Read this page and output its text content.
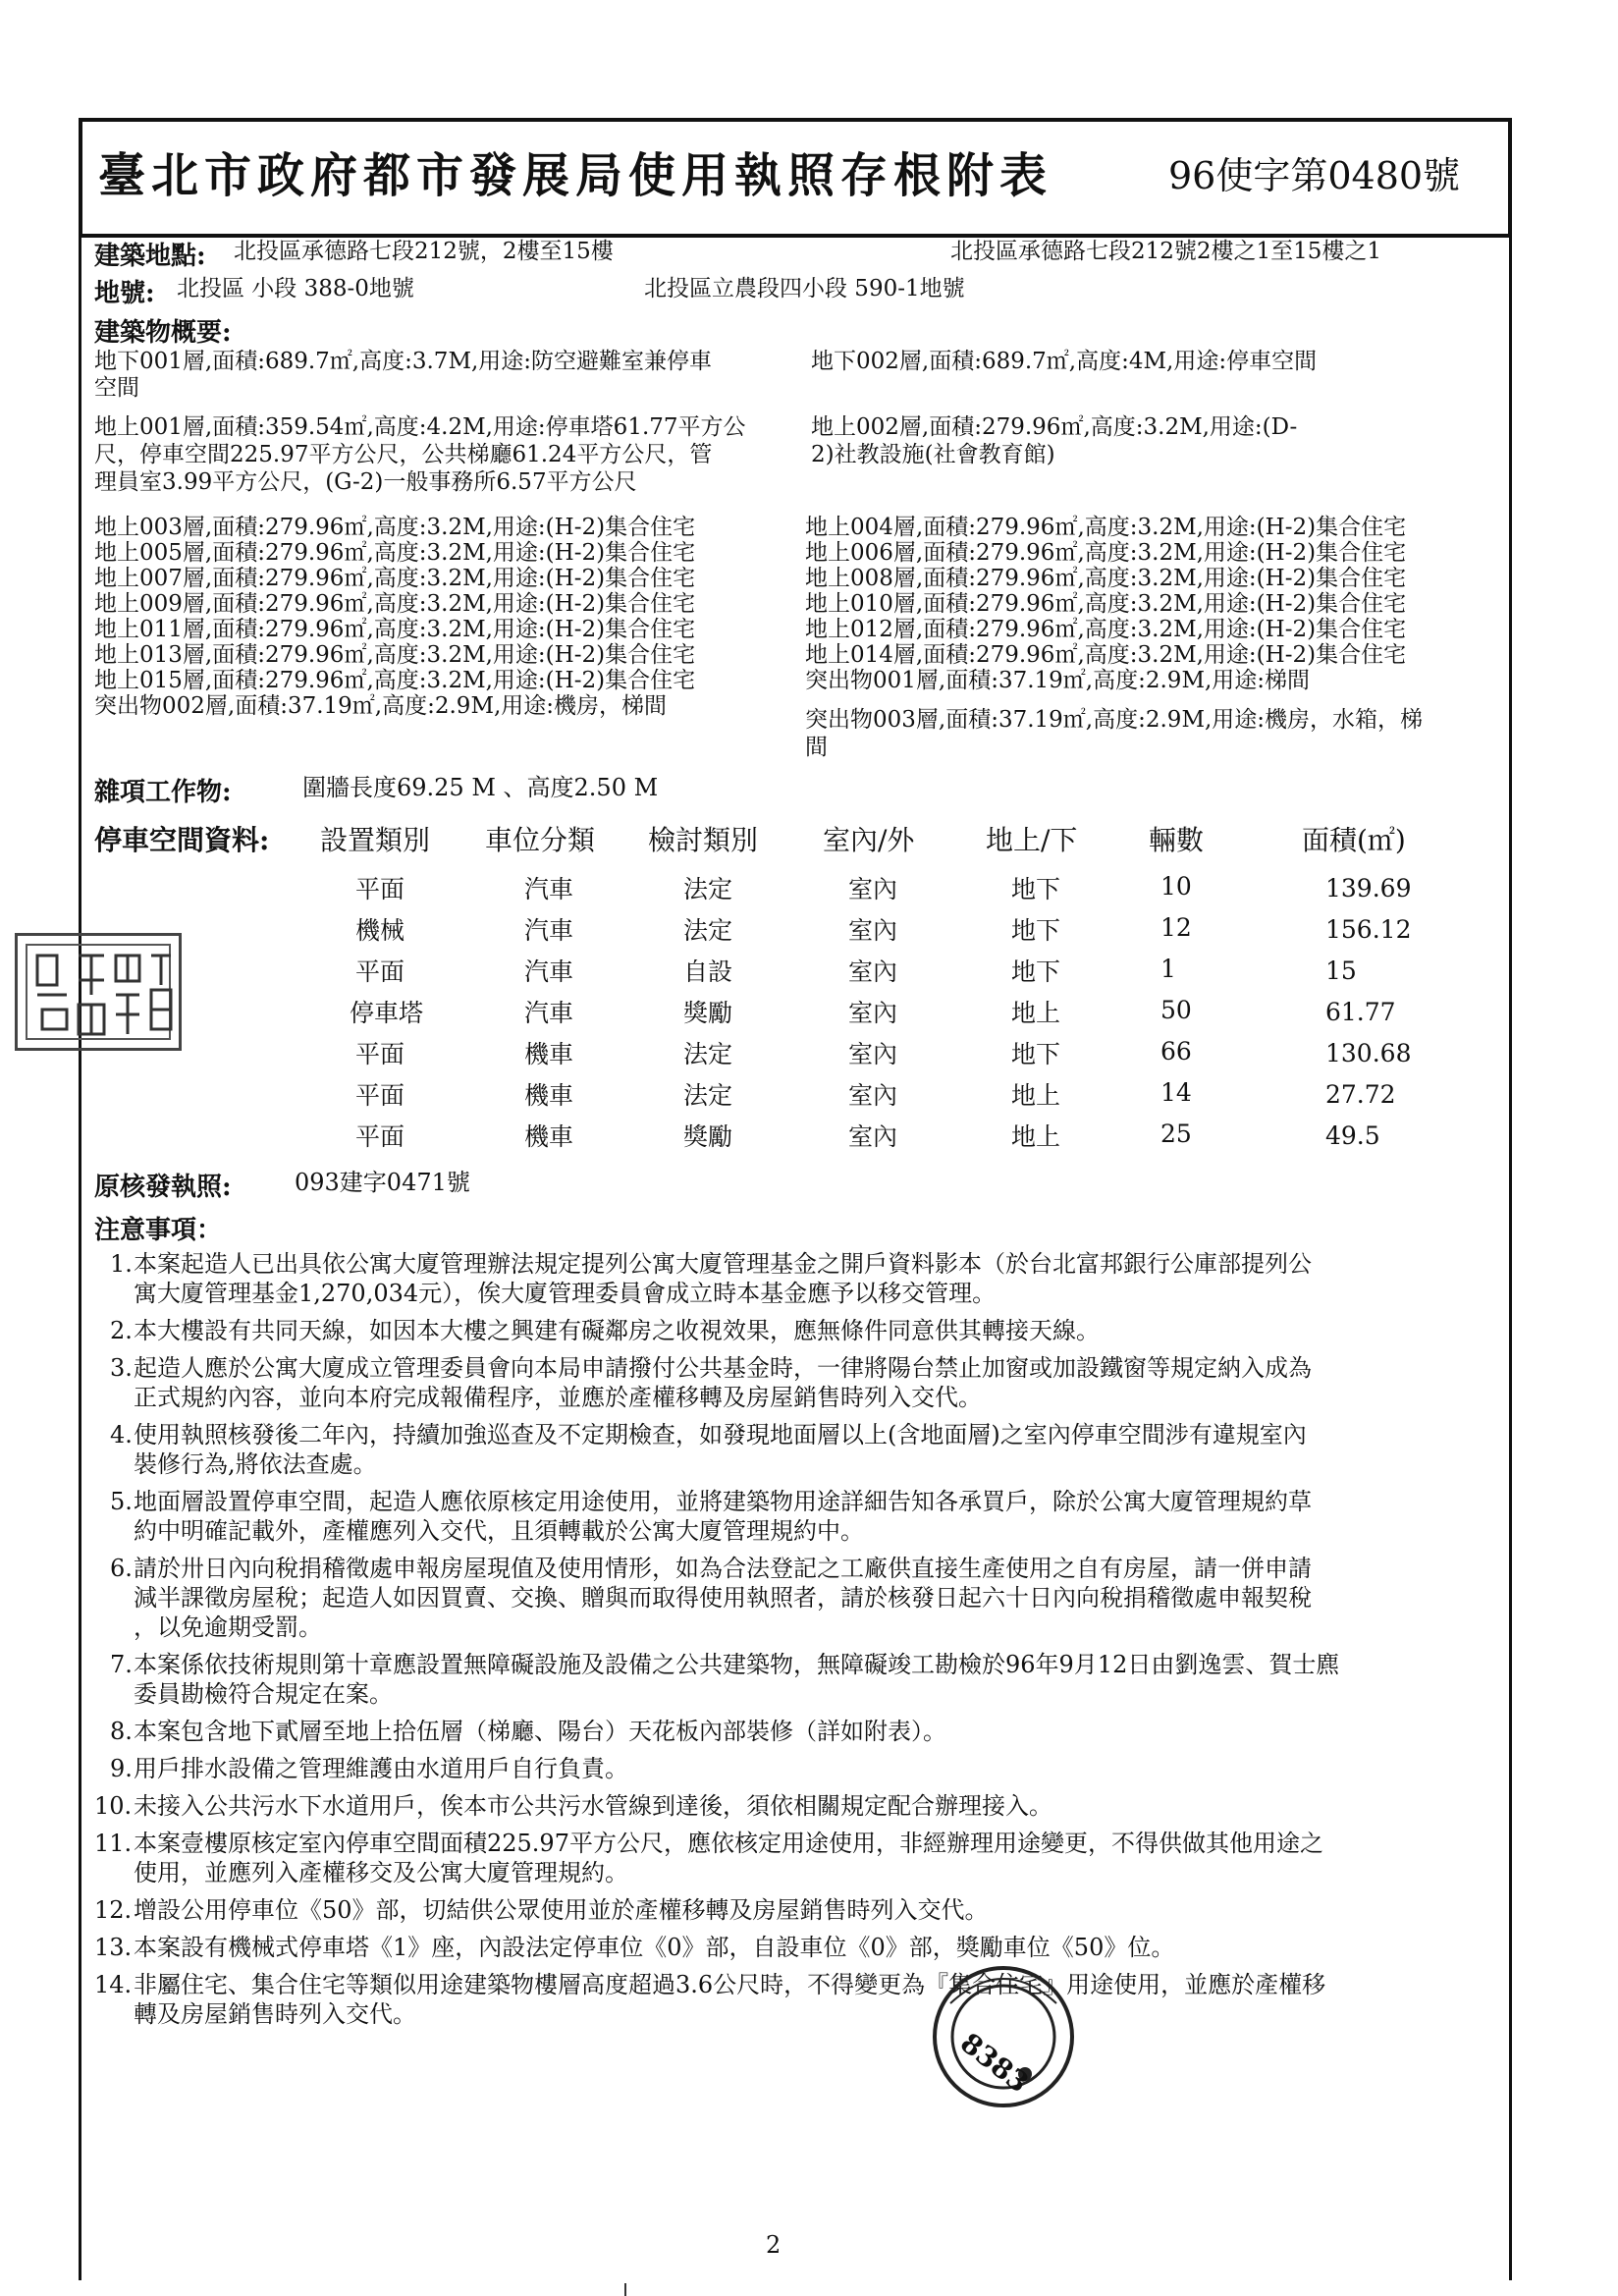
臺北市政府都市發展局使用執照存根附表	96使字第0480號
建築地點: 北投區承德路七段212號，2樓至15樓	北投區承德路七段212號2樓之1至15樓之1
地號: 北投區 小段 388-0地號	北投區立農段四小段 590-1地號
建築物概要:
地下001層,面積:689.7㎡,高度:3.7M,用途:防空避難室兼停車
空間
地下002層,面積:689.7㎡,高度:4M,用途:停車空間
地上001層,面積:359.54㎡,高度:4.2M,用途:停車塔61.77平方公
尺，停車空間225.97平方公尺，公共梯廳61.24平方公尺，管
理員室3.99平方公尺，(G-2)一般事務所6.57平方公尺
地上002層,面積:279.96㎡,高度:3.2M,用途:(D-
2)社教設施(社會教育館)
地上003層,面積:279.96㎡,高度:3.2M,用途:(H-2)集合住宅
地上005層,面積:279.96㎡,高度:3.2M,用途:(H-2)集合住宅
地上007層,面積:279.96㎡,高度:3.2M,用途:(H-2)集合住宅
地上009層,面積:279.96㎡,高度:3.2M,用途:(H-2)集合住宅
地上011層,面積:279.96㎡,高度:3.2M,用途:(H-2)集合住宅
地上013層,面積:279.96㎡,高度:3.2M,用途:(H-2)集合住宅
地上015層,面積:279.96㎡,高度:3.2M,用途:(H-2)集合住宅
突出物002層,面積:37.19㎡,高度:2.9M,用途:機房，梯間
地上004層,面積:279.96㎡,高度:3.2M,用途:(H-2)集合住宅
地上006層,面積:279.96㎡,高度:3.2M,用途:(H-2)集合住宅
地上008層,面積:279.96㎡,高度:3.2M,用途:(H-2)集合住宅
地上010層,面積:279.96㎡,高度:3.2M,用途:(H-2)集合住宅
地上012層,面積:279.96㎡,高度:3.2M,用途:(H-2)集合住宅
地上014層,面積:279.96㎡,高度:3.2M,用途:(H-2)集合住宅
突出物001層,面積:37.19㎡,高度:2.9M,用途:梯間
突出物003層,面積:37.19㎡,高度:2.9M,用途:機房，水箱，梯
間
雜項工作物:	圍牆長度69.25 M 、高度2.50 M
停車空間資料: 設置類別 車位分類 檢討類別 室內/外	地上/下	輛數	面積(㎡)
平面	汽車	法定	室內	地下	10	139.69
機械	汽車	法定	室內	地下	12	156.12
平面	汽車	自設	室內	地下	1	15
停車塔	汽車	獎勵	室內	地上	50	61.77
平面	機車	法定	室內	地下	66	130.68
平面	機車	法定	室內	地上	14	27.72
平面	機車	獎勵	室內	地上	25	49.5
原核發執照:	093建字0471號
注意事項：
1. 本案起造人已出具依公寓大廈管理辦法規定提列公寓大廈管理基金之開戶資料影本（於台北富邦銀行公庫部提列公
寓大廈管理基金1,270,034元），俟大廈管理委員會成立時本基金應予以移交管理。
2. 本大樓設有共同天線，如因本大樓之興建有礙鄰房之收視效果，應無條件同意供其轉接天線。
3. 起造人應於公寓大廈成立管理委員會向本局申請撥付公共基金時，一律將陽台禁止加窗或加設鐵窗等規定納入成為
正式規約內容，並向本府完成報備程序，並應於產權移轉及房屋銷售時列入交代。
4. 使用執照核發後二年內，持續加強巡查及不定期檢查，如發現地面層以上(含地面層)之室內停車空間涉有違規室內
裝修行為,將依法查處。
5. 地面層設置停車空間，起造人應依原核定用途使用，並將建築物用途詳細告知各承買戶，除於公寓大廈管理規約草
約中明確記載外，產權應列入交代，且須轉載於公寓大廈管理規約中。
6. 請於卅日內向稅捐稽徵處申報房屋現值及使用情形，如為合法登記之工廠供直接生產使用之自有房屋，請一併申請
減半課徵房屋稅；起造人如因買賣、交換、贈與而取得使用執照者，請於核發日起六十日內向稅捐稽徵處申報契稅
，以免逾期受罰。
7. 本案係依技術規則第十章應設置無障礙設施及設備之公共建築物，無障礙竣工勘檢於96年9月12日由劉逸雲、賀士麃
委員勘檢符合規定在案。
8. 本案包含地下貳層至地上拾伍層（梯廳、陽台）天花板內部裝修（詳如附表）。
9. 用戶排水設備之管理維護由水道用戶自行負責。
10. 未接入公共污水下水道用戶，俟本市公共污水管線到達後，須依相關規定配合辦理接入。
11. 本案壹樓原核定室內停車空間面積225.97平方公尺，應依核定用途使用，非經辦理用途變更，不得供做其他用途之
使用，並應列入產權移交及公寓大廈管理規約。
12. 增設公用停車位《50》部，切結供公眾使用並於產權移轉及房屋銷售時列入交代。
13. 本案設有機械式停車塔《1》座，內設法定停車位《0》部，自設車位《0》部，獎勵車位《50》位。
14. 非屬住宅、集合住宅等類似用途建築物樓層高度超過3.6公尺時，不得變更為『集合住宅』用途使用，並應於產權移
轉及房屋銷售時列入交代。
8383
2
